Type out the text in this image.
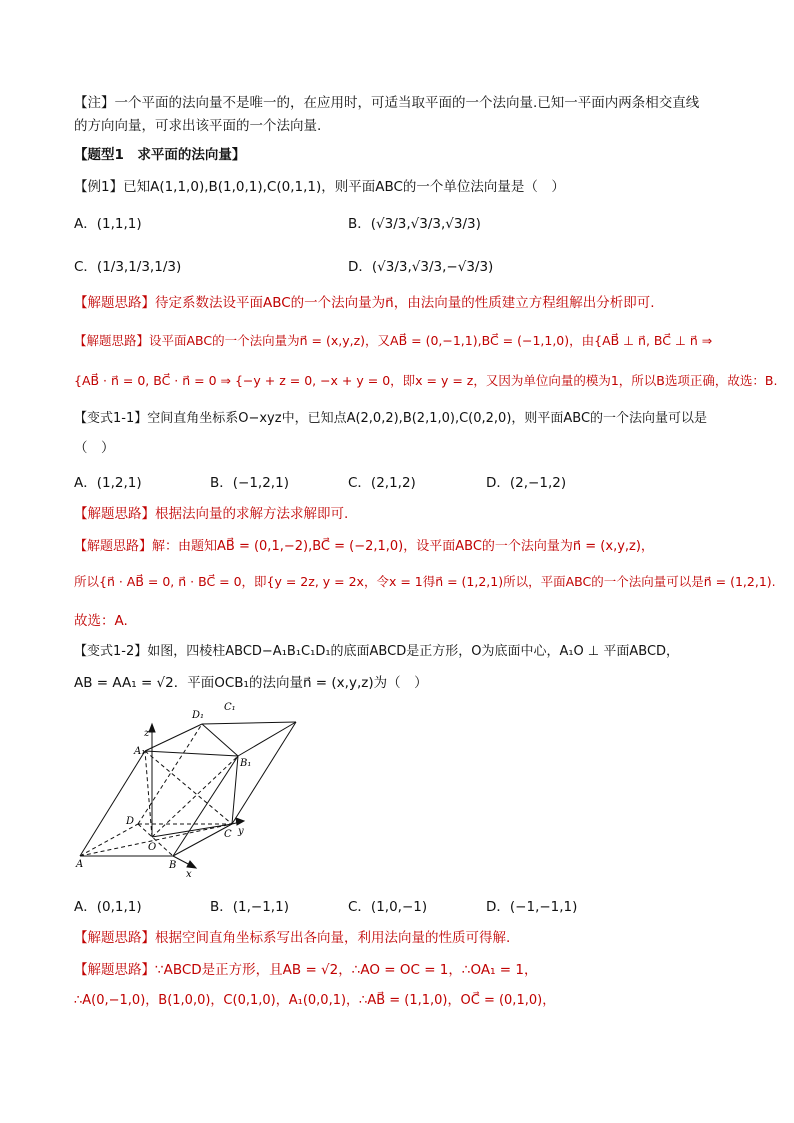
【注】一个平面的法向量不是唯一的，在应用时，可适当取平面的一个法向量.已知一平面内两条相交直线
的方向向量，可求出该平面的一个法向量.
【题型1　求平面的法向量】
【例1】已知A(1,1,0),B(1,0,1),C(0,1,1)，则平面ABC的一个单位法向量是（　）
A．(1,1,1)	B．(√3/3,√3/3,√3/3)
C．(1/3,1/3,1/3)	D．(√3/3,√3/3,−√3/3)
【解题思路】待定系数法设平面ABC的一个法向量为n⃗，由法向量的性质建立方程组解出分析即可.
【解题思路】设平面ABC的一个法向量为n⃗ = (x,y,z)，又AB⃗ = (0,−1,1),BC⃗ = (−1,1,0)，由{AB⃗ ⊥ n⃗, BC⃗ ⊥ n⃗ ⇒
{AB⃗ · n⃗ = 0, BC⃗ · n⃗ = 0 ⇒ {−y + z = 0, −x + y = 0，即x = y = z，又因为单位向量的模为1，所以B选项正确，故选：B.
【变式1-1】空间直角坐标系O−xyz中，已知点A(2,0,2),B(2,1,0),C(0,2,0)，则平面ABC的一个法向量可以是
（　）
A．(1,2,1)	B．(−1,2,1)	C．(2,1,2)	D．(2,−1,2)
【解题思路】根据法向量的求解方法求解即可.
【解题思路】解：由题知AB⃗ = (0,1,−2),BC⃗ = (−2,1,0)，设平面ABC的一个法向量为n⃗ = (x,y,z)，
所以{n⃗ · AB⃗ = 0, n⃗ · BC⃗ = 0，即{y = 2z, y = 2x，令x = 1得n⃗ = (1,2,1)所以，平面ABC的一个法向量可以是n⃗ = (1,2,1).
故选：A.
【变式1-2】如图，四棱柱ABCD−A₁B₁C₁D₁的底面ABCD是正方形，O为底面中心，A₁O ⊥ 平面ABCD，
AB = AA₁ = √2．平面OCB₁的法向量n⃗ = (x,y,z)为（　）
z
y
x
A	B
C
D
O
A₁
B₁
C₁
D₁
A．(0,1,1)	B．(1,−1,1)	C．(1,0,−1)	D．(−1,−1,1)
【解题思路】根据空间直角坐标系写出各向量，利用法向量的性质可得解.
【解题思路】∵ABCD是正方形，且AB = √2，∴AO = OC = 1，∴OA₁ = 1，
∴A(0,−1,0)，B(1,0,0)，C(0,1,0)，A₁(0,0,1)，∴AB⃗ = (1,1,0)，OC⃗ = (0,1,0)，
